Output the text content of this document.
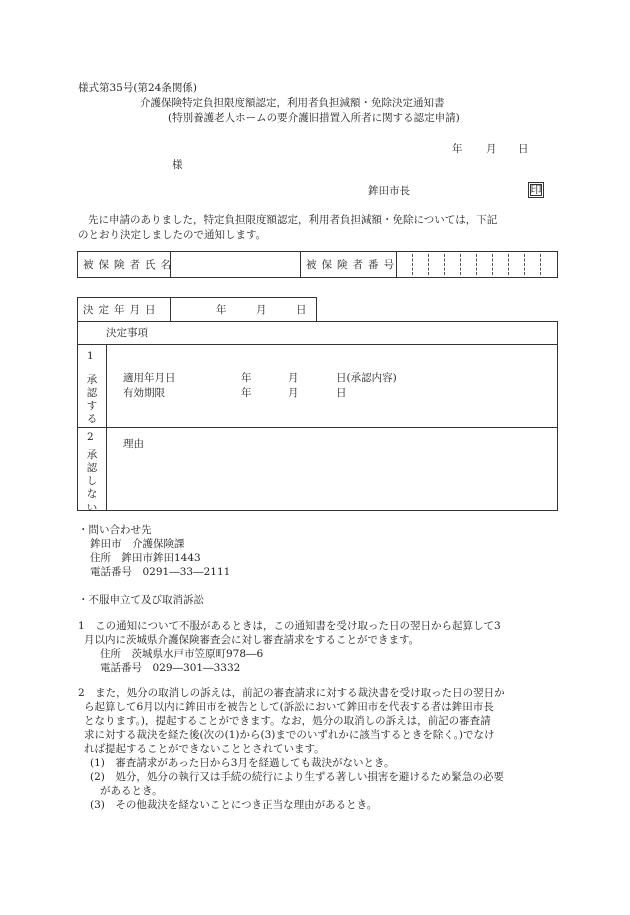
様式第35号(第24条関係)
介護保険特定負担限度額認定，利用者負担減額・免除決定通知書
(特別養護老人ホームの要介護旧措置入所者に関する認定申請)
年 月 日
様
鉾田市長	印
先に申請のありました，特定負担限度額認定，利用者負担減額・免除については，下記
のとおり決定しましたので通知します。
被保険者氏名	被保険者番号
決定年月日	年	月	日
決定事項
1
承認する
適用年月日	年	月	日(承認内容)
有効期限	年	月	日
2
承認しない
理由
・問い合わせ先
鉾田市　介護保険課
住所　鉾田市鉾田1443
電話番号　0291―33―2111
・不服申立て及び取消訴訟
1　この通知について不服があるときは，この通知書を受け取った日の翌日から起算して3
月以内に茨城県介護保険審査会に対し審査請求をすることができます。
住所　茨城県水戸市笠原町978―6
電話番号　029―301―3332
2　また，処分の取消しの訴えは，前記の審査請求に対する裁決書を受け取った日の翌日か
ら起算して6月以内に鉾田市を被告として(訴訟において鉾田市を代表する者は鉾田市長
となります。)，提起することができます。なお，処分の取消しの訴えは，前記の審査請
求に対する裁決を経た後(次の(1)から(3)までのいずれかに該当するときを除く。)でなけ
れば提起することができないこととされています。
(1)　審査請求があった日から3月を経過しても裁決がないとき。
(2)　処分，処分の執行又は手続の続行により生ずる著しい損害を避けるため緊急の必要
があるとき。
(3)　その他裁決を経ないことにつき正当な理由があるとき。
